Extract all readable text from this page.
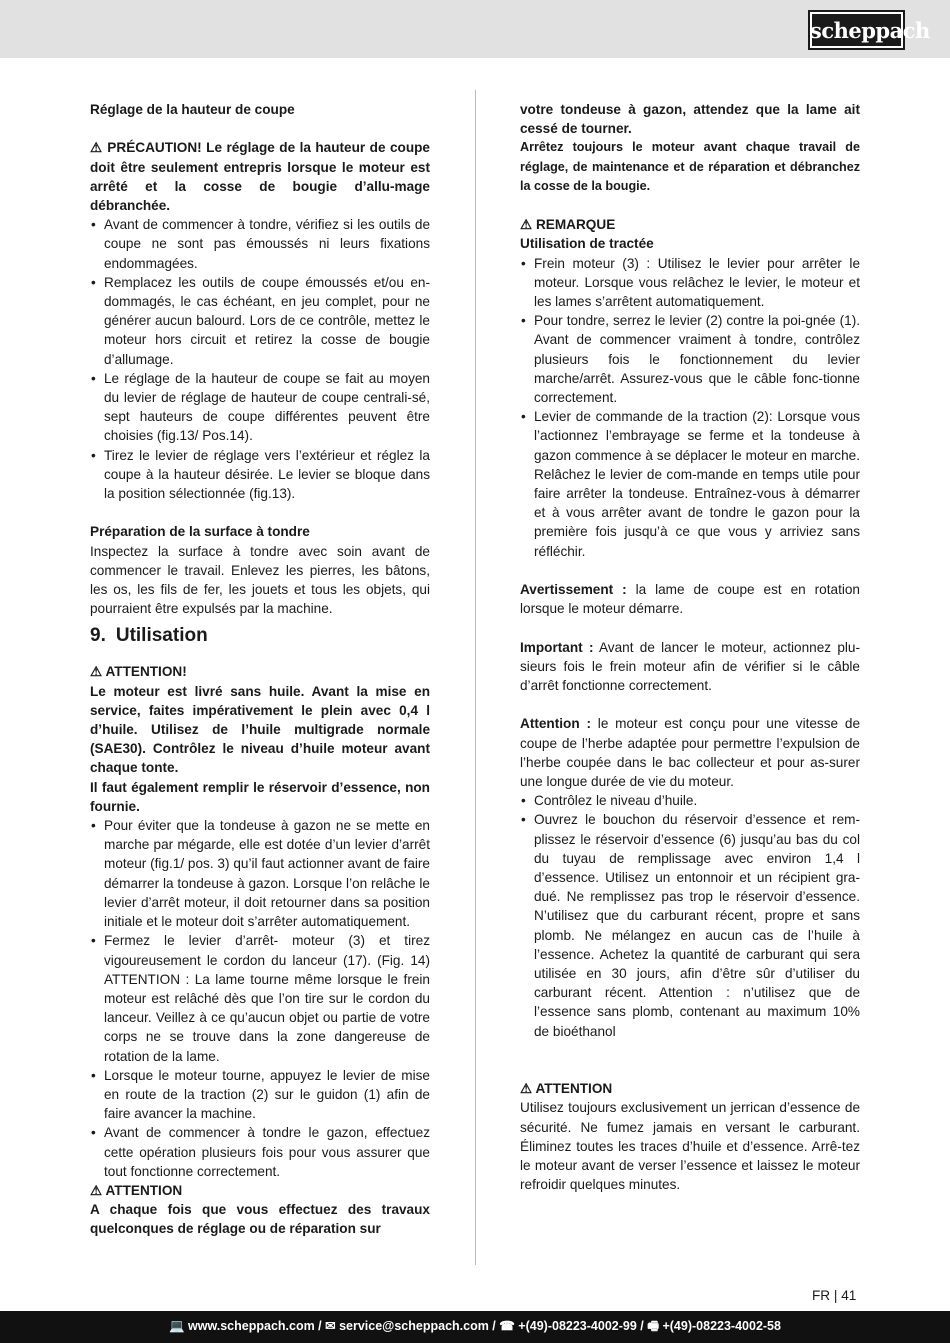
scheppach

Réglage de la hauteur de coupe

⚠ PRÉCAUTION! Le réglage de la hauteur de coupe doit être seulement entrepris lorsque le moteur est arrêté et la cosse de bougie d’allu-mage débranchée.

• Avant de commencer à tondre, vérifiez si les outils de coupe ne sont pas émoussés ni leurs fixations endommagées.
• Remplacez les outils de coupe émoussés et/ou en-dommagés, le cas échéant, en jeu complet, pour ne générer aucun balourd. Lors de ce contrôle, mettez le moteur hors circuit et retirez la cosse de bougie d’allumage.
• Le réglage de la hauteur de coupe se fait au moyen du levier de réglage de hauteur de coupe centrali-sé, sept hauteurs de coupe différentes peuvent être choisies (fig.13/ Pos.14).
• Tirez le levier de réglage vers l’extérieur et réglez la coupe à la hauteur désirée. Le levier se bloque dans la position sélectionnée (fig.13).

Préparation de la surface à tondre

Inspectez la surface à tondre avec soin avant de commencer le travail. Enlevez les pierres, les bâtons, les os, les fils de fer, les jouets et tous les objets, qui pourraient être expulsés par la machine.

9. Utilisation

⚠ ATTENTION!

Le moteur est livré sans huile. Avant la mise en service, faites impérativement le plein avec 0,4 l d’huile. Utilisez de l’huile multigrade normale (SAE30). Contrôlez le niveau d’huile moteur avant chaque tonte.

Il faut également remplir le réservoir d’essence, non fournie.

• Pour éviter que la tondeuse à gazon ne se mette en marche par mégarde, elle est dotée d’un levier d’arrêt moteur (fig.1/ pos. 3) qu’il faut actionner avant de faire démarrer la tondeuse à gazon. Lorsque l’on relâche le levier d’arrêt moteur, il doit retourner dans sa position initiale et le moteur doit s’arrêter automatiquement.
• Fermez le levier d’arrêt- moteur (3) et tirez vigoureusement le cordon du lanceur (17). (Fig. 14) ATTENTION : La lame tourne même lorsque le frein moteur est relâché dès que l’on tire sur le cordon du lanceur. Veillez à ce qu’aucun objet ou partie de votre corps ne se trouve dans la zone dangereuse de rotation de la lame.
• Lorsque le moteur tourne, appuyez le levier de mise en route de la traction (2) sur le guidon (1) afin de faire avancer la machine.
• Avant de commencer à tondre le gazon, effectuez cette opération plusieurs fois pour vous assurer que tout fonctionne correctement.

⚠ ATTENTION

A chaque fois que vous effectuez des travaux quelconques de réglage ou de réparation sur

votre tondeuse à gazon, attendez que la lame ait cessé de tourner.

Arrêtez toujours le moteur avant chaque travail de réglage, de maintenance et de réparation et débranchez la cosse de la bougie.

⚠ REMARQUE

Utilisation de tractée

• Frein moteur (3) : Utilisez le levier pour arrêter le moteur. Lorsque vous relâchez le levier, le moteur et les lames s’arrêtent automatiquement.
• Pour tondre, serrez le levier (2) contre la poi-gnée (1). Avant de commencer vraiment à tondre, contrôlez plusieurs fois le fonctionnement du levier marche/arrêt. Assurez-vous que le câble fonc-tionne correctement.
• Levier de commande de la traction (2): Lorsque vous l’actionnez l’embrayage se ferme et la tondeuse à gazon commence à se déplacer le moteur en marche. Relâchez le levier de com-mande en temps utile pour faire arrêter la tondeuse. Entraînez-vous à démarrer et à vous arrêter avant de tondre le gazon pour la première fois jusqu’à ce que vous y arriviez sans réfléchir.

Avertissement : la lame de coupe est en rotation lorsque le moteur démarre.

Important : Avant de lancer le moteur, actionnez plu-sieurs fois le frein moteur afin de vérifier si le câble d’arrêt fonctionne correctement.

Attention : le moteur est conçu pour une vitesse de coupe de l’herbe adaptée pour permettre l’expulsion de l’herbe coupée dans le bac collecteur et pour as-surer une longue durée de vie du moteur.

• Contrôlez le niveau d’huile.
• Ouvrez le bouchon du réservoir d’essence et rem-plissez le réservoir d’essence (6) jusqu’au bas du col du tuyau de remplissage avec environ 1,4 l d’essence. Utilisez un entonnoir et un récipient gra-dué. Ne remplissez pas trop le réservoir d’essence. N’utilisez que du carburant récent, propre et sans plomb. Ne mélangez en aucun cas de l’huile à l’essence. Achetez la quantité de carburant qui sera utilisée en 30 jours, afin d’être sûr d’utiliser du carburant récent. Attention : n’utilisez que de l’essence sans plomb, contenant au maximum 10% de bioéthanol

⚠ ATTENTION

Utilisez toujours exclusivement un jerrican d’essence de sécurité. Ne fumez jamais en versant le carburant. Éliminez toutes les traces d’huile et d’essence. Arrê-tez le moteur avant de verser l’essence et laissez le moteur refroidir quelques minutes.

FR | 41
💻 www.scheppach.com / ✉ service@scheppach.com / ☎ +(49)-08223-4002-99 / 🖷 +(49)-08223-4002-58
